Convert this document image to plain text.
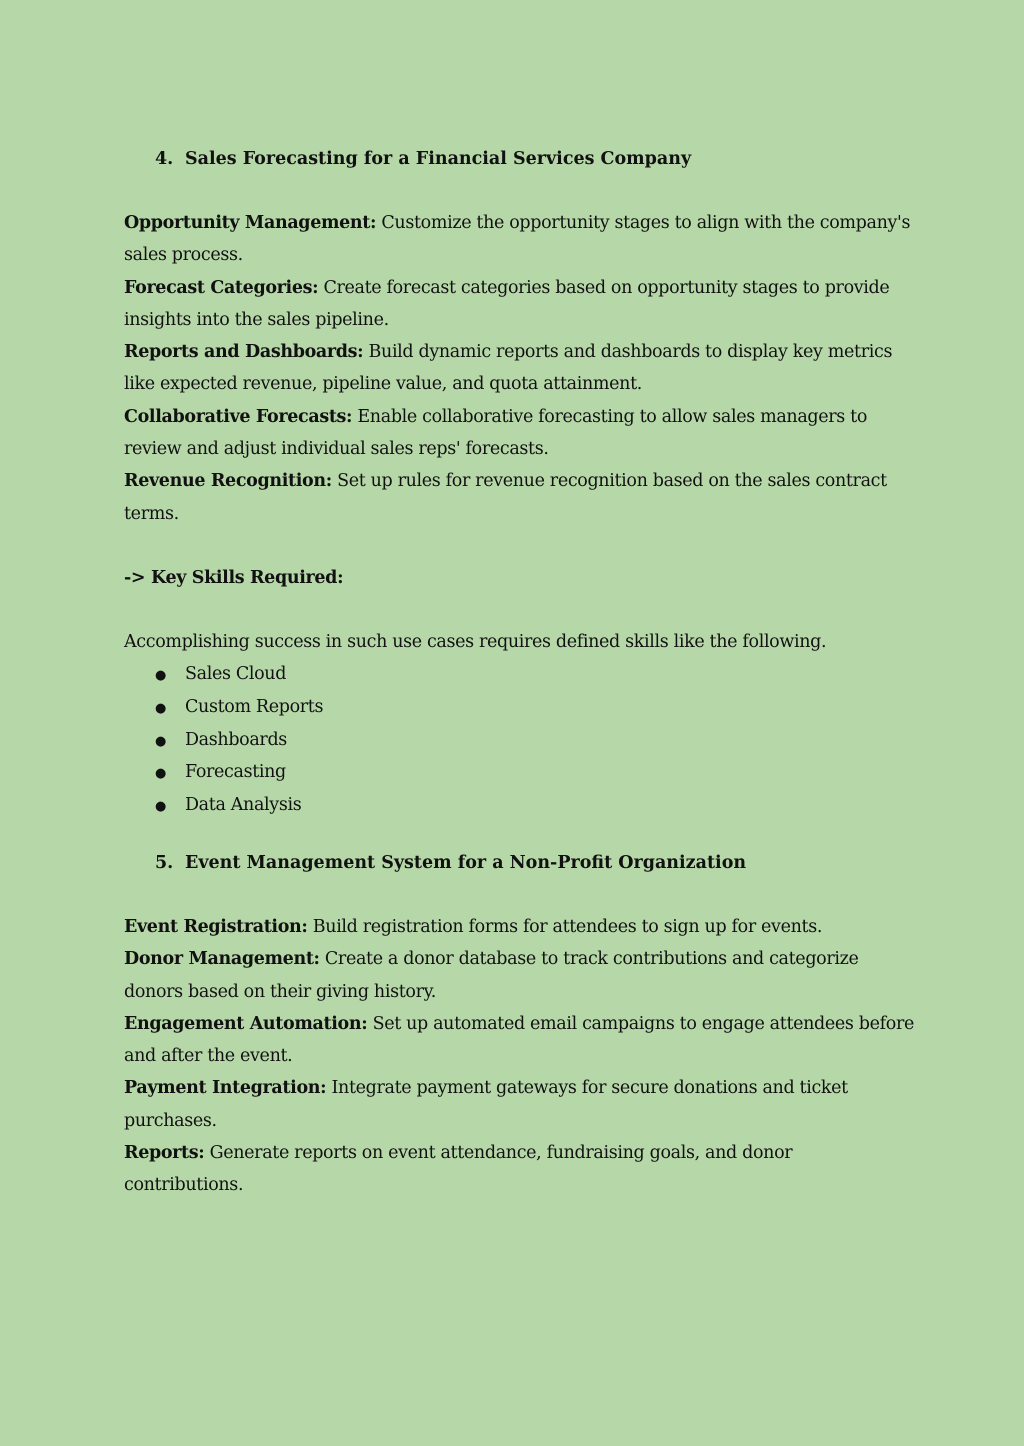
4. Sales Forecasting for a Financial Services Company
Opportunity Management: Customize the opportunity stages to align with the company's sales process.
Forecast Categories: Create forecast categories based on opportunity stages to provide insights into the sales pipeline.
Reports and Dashboards: Build dynamic reports and dashboards to display key metrics like expected revenue, pipeline value, and quota attainment.
Collaborative Forecasts: Enable collaborative forecasting to allow sales managers to review and adjust individual sales reps' forecasts.
Revenue Recognition: Set up rules for revenue recognition based on the sales contract terms.
-> Key Skills Required:
Accomplishing success in such use cases requires defined skills like the following.
● Sales Cloud
● Custom Reports
● Dashboards
● Forecasting
● Data Analysis
5. Event Management System for a Non-Profit Organization
Event Registration: Build registration forms for attendees to sign up for events.
Donor Management: Create a donor database to track contributions and categorize donors based on their giving history.
Engagement Automation: Set up automated email campaigns to engage attendees before and after the event.
Payment Integration: Integrate payment gateways for secure donations and ticket purchases.
Reports: Generate reports on event attendance, fundraising goals, and donor contributions.
